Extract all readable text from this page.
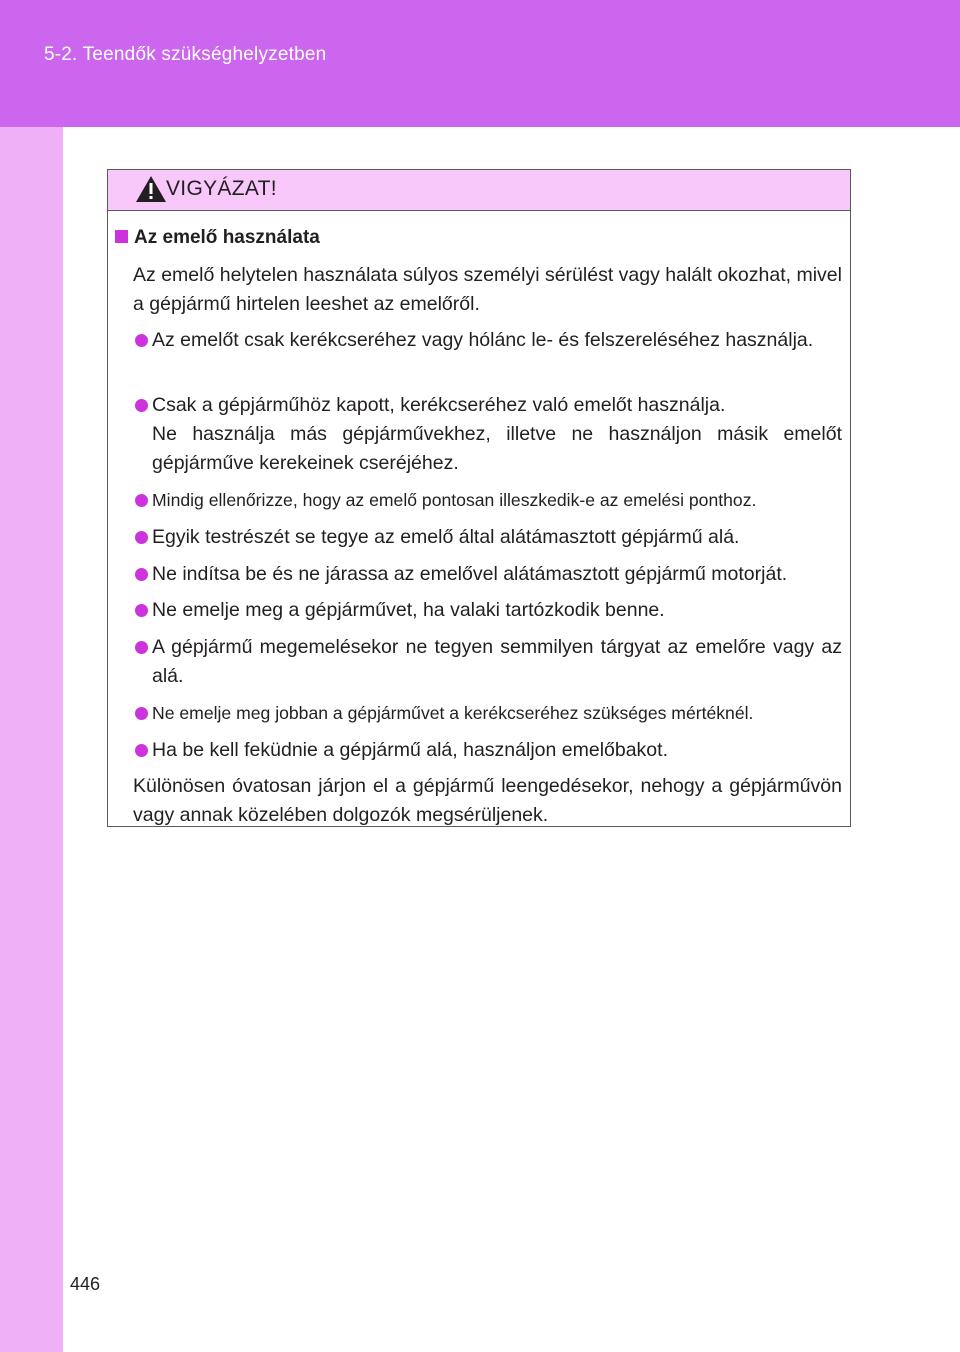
5-2. Teendők szükséghelyzetben
VIGYÁZAT!
Az emelő használata
Az emelő helytelen használata súlyos személyi sérülést vagy halált okozhat, mivel a gépjármű hirtelen leeshet az emelőről.
Az emelőt csak kerékcseréhez vagy hólánc le- és felszereléséhez használja.
Csak a gépjárműhöz kapott, kerékcseréhez való emelőt használja.
Ne használja más gépjárművekhez, illetve ne használjon másik emelőt gépjárműve kerekeinek cseréjéhez.
Mindig ellenőrizze, hogy az emelő pontosan illeszkedik-e az emelési ponthoz.
Egyik testrészét se tegye az emelő által alátámasztott gépjármű alá.
Ne indítsa be és ne járassa az emelővel alátámasztott gépjármű motorját.
Ne emelje meg a gépjárművet, ha valaki tartózkodik benne.
A gépjármű megemelésekor ne tegyen semmilyen tárgyat az emelőre vagy az alá.
Ne emelje meg jobban a gépjárművet a kerékcseréhez szükséges mértéknél.
Ha be kell feküdnie a gépjármű alá, használjon emelőbakot.
Különösen óvatosan járjon el a gépjármű leengedésekor, nehogy a gépjárművön vagy annak közelében dolgozók megsérüljenek.
446
